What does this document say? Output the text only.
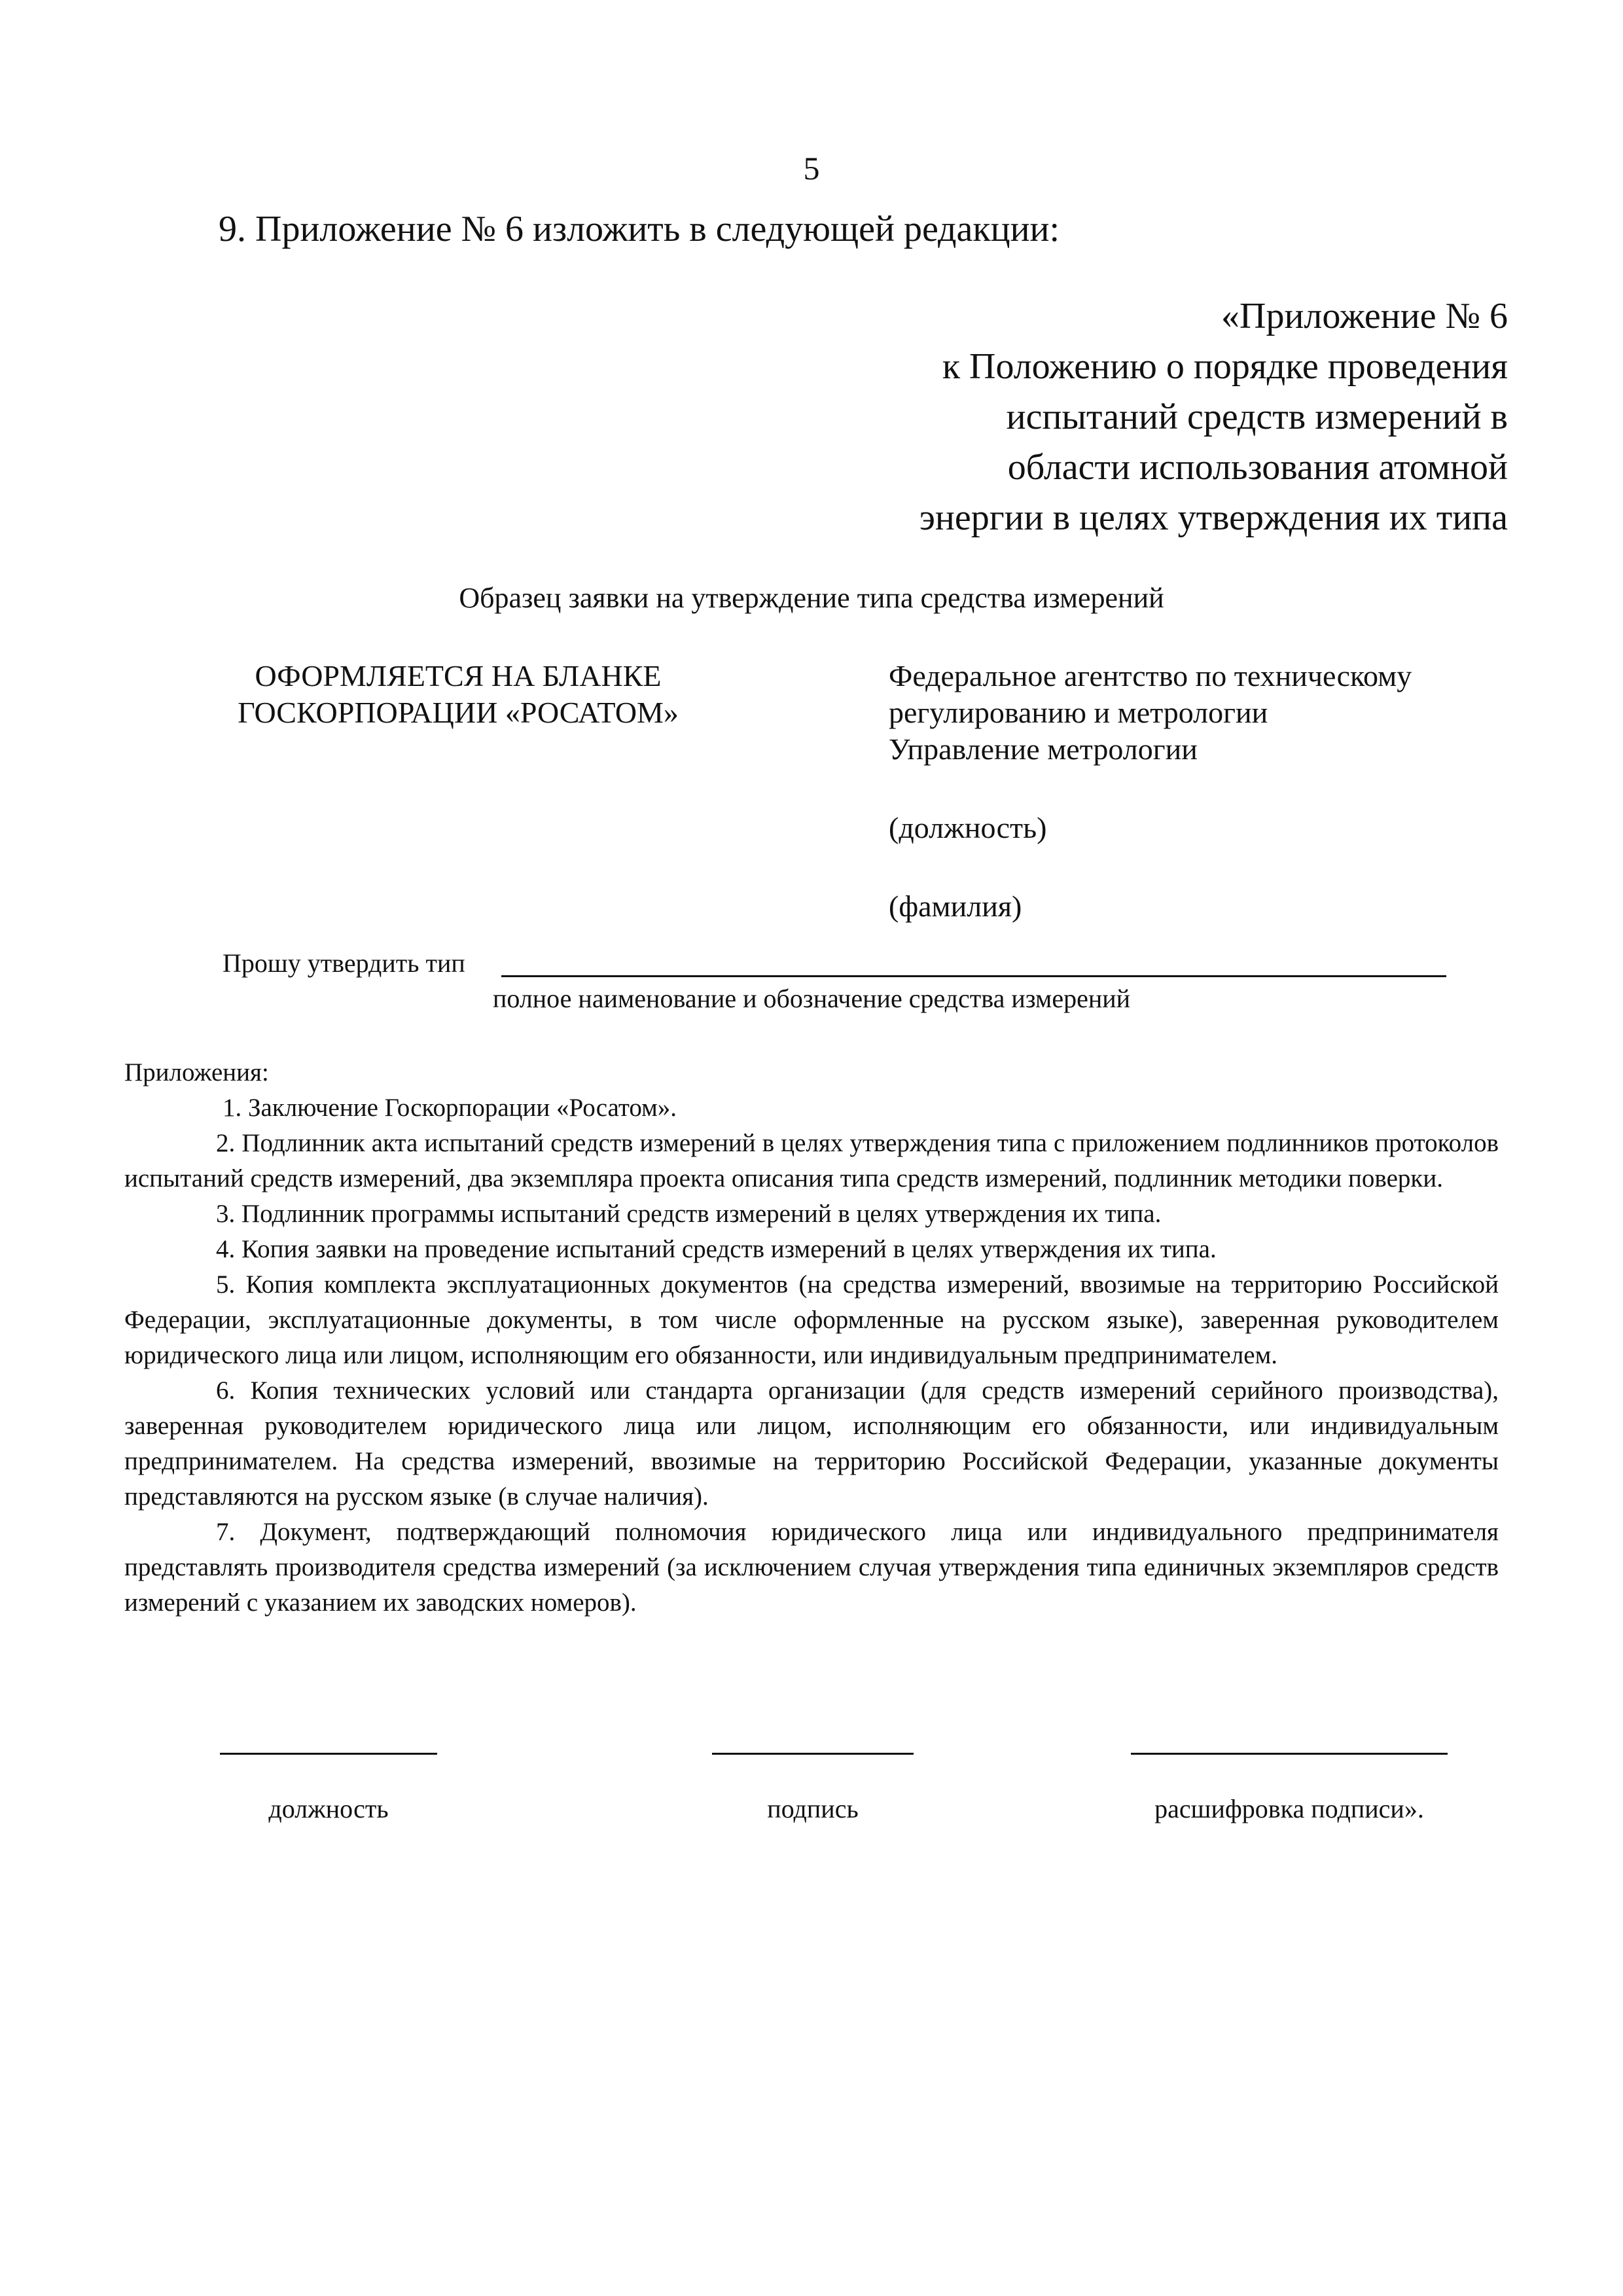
5
9. Приложение № 6 изложить в следующей редакции:
«Приложение № 6
к Положению о порядке проведения
испытаний средств измерений в
области использования атомной
энергии в целях утверждения их типа
Образец заявки на утверждение типа средства измерений
ОФОРМЛЯЕТСЯ НА БЛАНКЕ
ГОСКОРПОРАЦИИ «РОСАТОМ»
Федеральное агентство по техническому
регулированию и метрологии
Управление метрологии
(должность)
(фамилия)
Прошу утвердить тип
полное наименование и обозначение средства измерений
Приложения:

1. Заключение Госкорпорации «Росатом».

2. Подлинник акта испытаний средств измерений в целях утверждения типа с приложением подлинников протоколов испытаний средств измерений, два экземпляра проекта описания типа средств измерений, подлинник методики поверки.

3. Подлинник программы испытаний средств измерений в целях утверждения их типа.

4. Копия заявки на проведение испытаний средств измерений в целях утверждения их типа.

5. Копия комплекта эксплуатационных документов (на средства измерений, ввозимые на территорию Российской Федерации, эксплуатационные документы, в том числе оформленные на русском языке), заверенная руководителем юридического лица или лицом, исполняющим его обязанности, или индивидуальным предпринимателем.

6. Копия технических условий или стандарта организации (для средств измерений серийного производства), заверенная руководителем юридического лица или лицом, исполняющим его обязанности, или индивидуальным предпринимателем. На средства измерений, ввозимые на территорию Российской Федерации, указанные документы представляются на русском языке (в случае наличия).

7. Документ, подтверждающий полномочия юридического лица или индивидуального предпринимателя представлять производителя средства измерений (за исключением случая утверждения типа единичных экземпляров средств измерений с указанием их заводских номеров).

должность	подпись	расшифровка подписи».
